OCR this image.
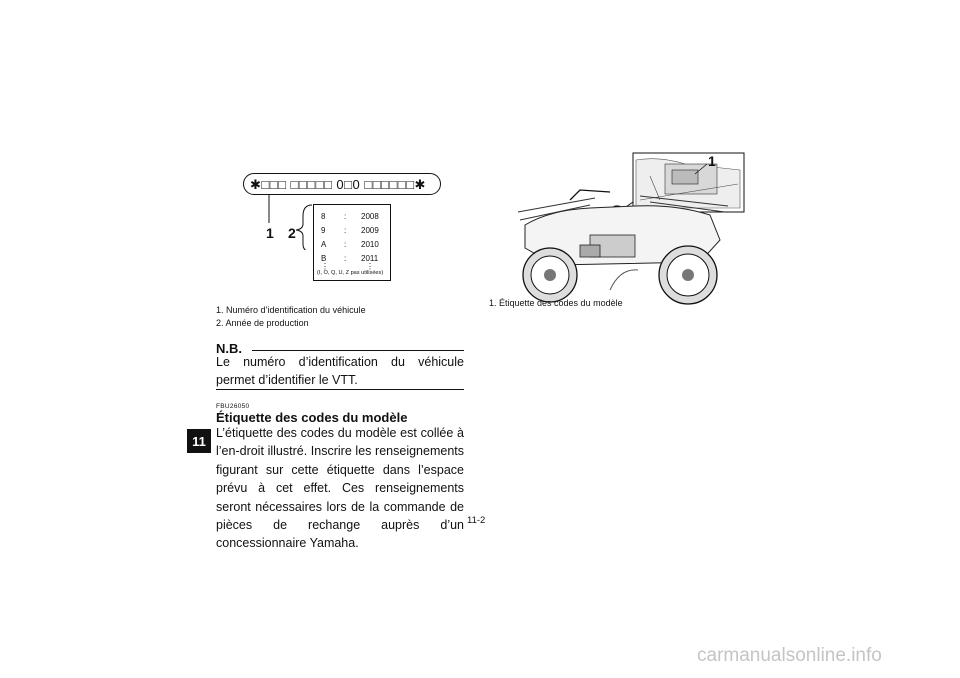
✱□□□ □□□□□ 0□0 □□□□□□✱
1 2
8	: 2008
9	: 2009
A	: 2010
B	: 2011
⋮	⋮
(I, O, Q, U, Z pas utilisées)
1. Numéro d’identification du véhicule
2. Année de production
N.B.
Le numéro d’identification du véhicule permet d’identifier le VTT.
FBU26050
Étiquette des codes du modèle
L’étiquette des codes du modèle est collée à l’en-droit illustré. Inscrire les renseignements figurant sur cette étiquette dans l’espace prévu à cet effet. Ces renseignements seront nécessaires lors de la commande de pièces de rechange auprès d’un concessionnaire Yamaha.
11
1
1. Étiquette des codes du modèle
11-2
carmanualsonline.info
